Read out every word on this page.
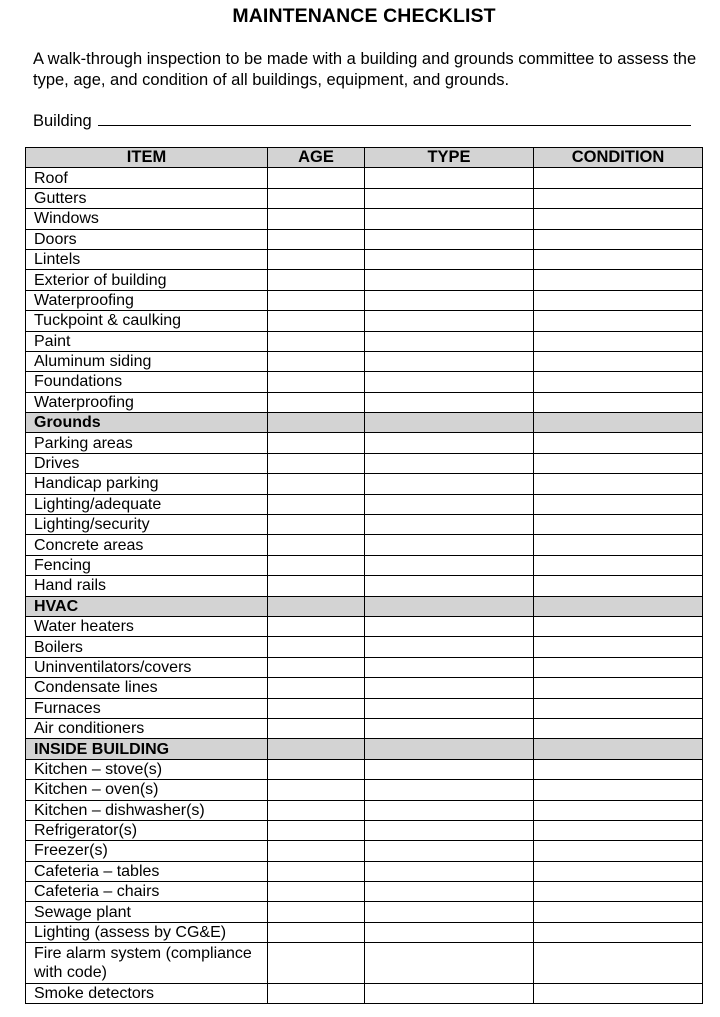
MAINTENANCE CHECKLIST
A walk-through inspection to be made with a building and grounds committee to assess the type, age, and condition of all buildings, equipment, and grounds.
Building
ITEM	AGE	TYPE	CONDITION
Roof			
Gutters			
Windows			
Doors			
Lintels			
Exterior of building			
Waterproofing			
Tuckpoint & caulking			
Paint			
Aluminum siding			
Foundations			
Waterproofing			
Grounds			
Parking areas			
Drives			
Handicap parking			
Lighting/adequate			
Lighting/security			
Concrete areas			
Fencing			
Hand rails			
HVAC			
Water heaters			
Boilers			
Uninventilators/covers			
Condensate lines			
Furnaces			
Air conditioners			
INSIDE BUILDING			
Kitchen – stove(s)			
Kitchen – oven(s)			
Kitchen – dishwasher(s)			
Refrigerator(s)			
Freezer(s)			
Cafeteria – tables			
Cafeteria – chairs			
Sewage plant			
Lighting (assess by CG&E)			
Fire alarm system (compliance with code)			
Smoke detectors			
